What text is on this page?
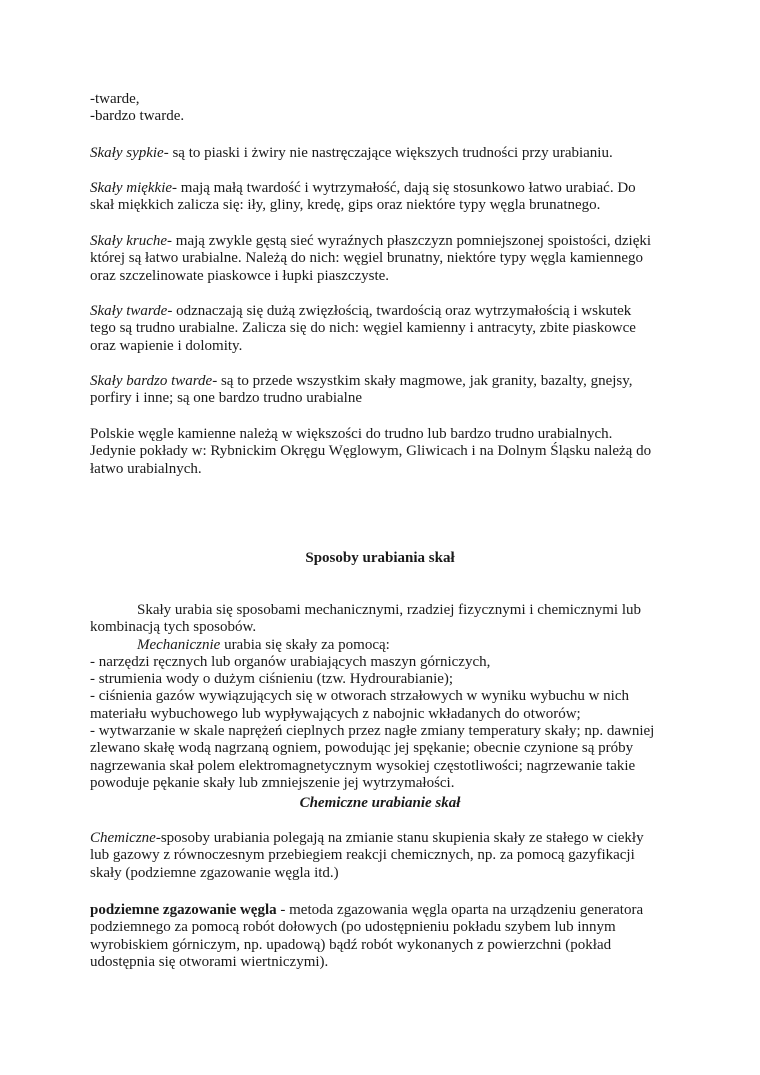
-twarde,
-bardzo twarde.
Skały sypkie- są to piaski i żwiry nie nastręczające większych trudności przy urabianiu.
Skały miękkie- mają małą twardość i wytrzymałość, dają się stosunkowo łatwo urabiać. Do
skał miękkich zalicza się: iły, gliny, kredę, gips oraz niektóre typy węgla brunatnego.
Skały kruche- mają zwykle gęstą sieć wyraźnych płaszczyzn pomniejszonej spoistości, dzięki
której są łatwo urabialne. Należą do nich: węgiel brunatny, niektóre typy węgla kamiennego
oraz szczelinowate piaskowce i łupki piaszczyste.
Skały twarde- odznaczają się dużą zwięzłością, twardością oraz wytrzymałością i wskutek
tego są trudno urabialne. Zalicza się do nich: węgiel kamienny i antracyty, zbite piaskowce
oraz wapienie i dolomity.
Skały bardzo twarde- są to przede wszystkim skały magmowe, jak granity, bazalty, gnejsy,
porfiry i inne; są one bardzo trudno urabialne
Polskie węgle kamienne należą w większości do trudno lub bardzo trudno urabialnych.
Jedynie pokłady w: Rybnickim Okręgu Węglowym, Gliwicach i na Dolnym Śląsku należą do
łatwo urabialnych.
Sposoby urabiania skał
Skały urabia się sposobami mechanicznymi, rzadziej fizycznymi i chemicznymi lub
kombinacją tych sposobów.
Mechanicznie urabia się skały za pomocą:
- narzędzi ręcznych lub organów urabiających maszyn górniczych,
- strumienia wody o dużym ciśnieniu (tzw. Hydrourabianie);
- ciśnienia gazów wywiązujących się w otworach strzałowych w wyniku wybuchu w nich
materiału wybuchowego lub wypływających z nabojnic wkładanych do otworów;
- wytwarzanie w skale naprężeń cieplnych przez nagłe zmiany temperatury skały; np. dawniej
zlewano skałę wodą nagrzaną ogniem, powodując jej spękanie; obecnie czynione są próby
nagrzewania skał polem elektromagnetycznym wysokiej częstotliwości; nagrzewanie takie
powoduje pękanie skały lub zmniejszenie jej wytrzymałości.
Chemiczne urabianie skał
Chemiczne-sposoby urabiania polegają na zmianie stanu skupienia skały ze stałego w ciekły
lub gazowy z równoczesnym przebiegiem reakcji chemicznych, np. za pomocą gazyfikacji
skały (podziemne zgazowanie węgla itd.)
podziemne zgazowanie węgla - metoda zgazowania węgla oparta na urządzeniu generatora
podziemnego za pomocą robót dołowych (po udostępnieniu pokładu szybem lub innym
wyrobiskiem górniczym, np. upadową) bądź robót wykonanych z powierzchni (pokład
udostępnia się otworami wiertniczymi).
